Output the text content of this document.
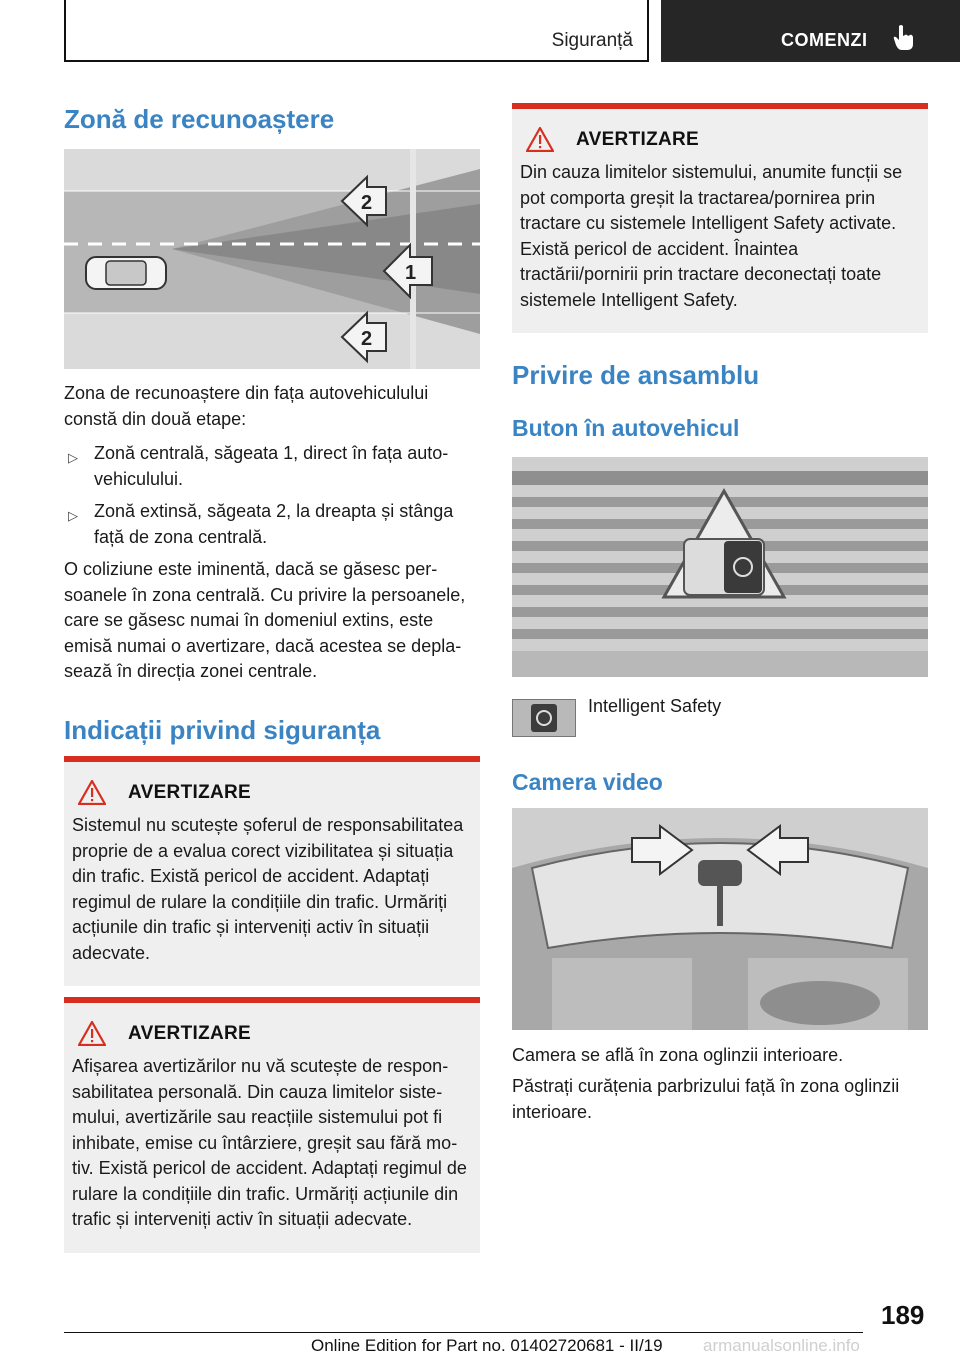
Siguranță	COMENZI
Zonă de recunoaștere
2
1
2

Zona de recunoaștere din fața autovehiculului constă din două etape:

▷ Zonă centrală, săgeata 1, direct în fața autovehiculului.
▷ Zonă extinsă, săgeata 2, la dreapta și stânga față de zona centrală.

O coliziune este iminentă, dacă se găsesc persoanele în zona centrală. Cu privire la persoanele, care se găsesc numai în domeniul extins, este emisă numai o avertizare, dacă acestea se deplasează în direcția zonei centrale.

Indicații privind siguranța
AVERTIZARE

Sistemul nu scutește șoferul de responsabilitatea proprie de a evalua corect vizibilitatea și situația din trafic. Există pericol de accident. Adaptați regimul de rulare la condițiile din trafic. Urmăriți acțiunile din trafic și interveniți activ în situații adecvate.

AVERTIZARE

Afișarea avertizărilor nu vă scutește de responsabilitatea personală. Din cauza limitelor sistemului, avertizările sau reacțiile sistemului pot fi inhibate, emise cu întârziere, greșit sau fără motiv. Există pericol de accident. Adaptați regimul de rulare la condițiile din trafic. Urmăriți acțiunile din trafic și interveniți activ în situații adecvate.

AVERTIZARE

Din cauza limitelor sistemului, anumite funcții se pot comporta greșit la tractarea/pornirea prin tractare cu sistemele Intelligent Safety activate. Există pericol de accident. Înaintea tractării/pornirii prin tractare deconectați toate sistemele Intelligent Safety.

Privire de ansamblu
Buton în autovehicul
Intelligent Safety
Camera video

Camera se află în zona oglinzii interioare.

Păstrați curățenia parbrizului față în zona oglinzii interioare.

189
Online Edition for Part no. 01402720681 - II/19 armanualsonline.info
